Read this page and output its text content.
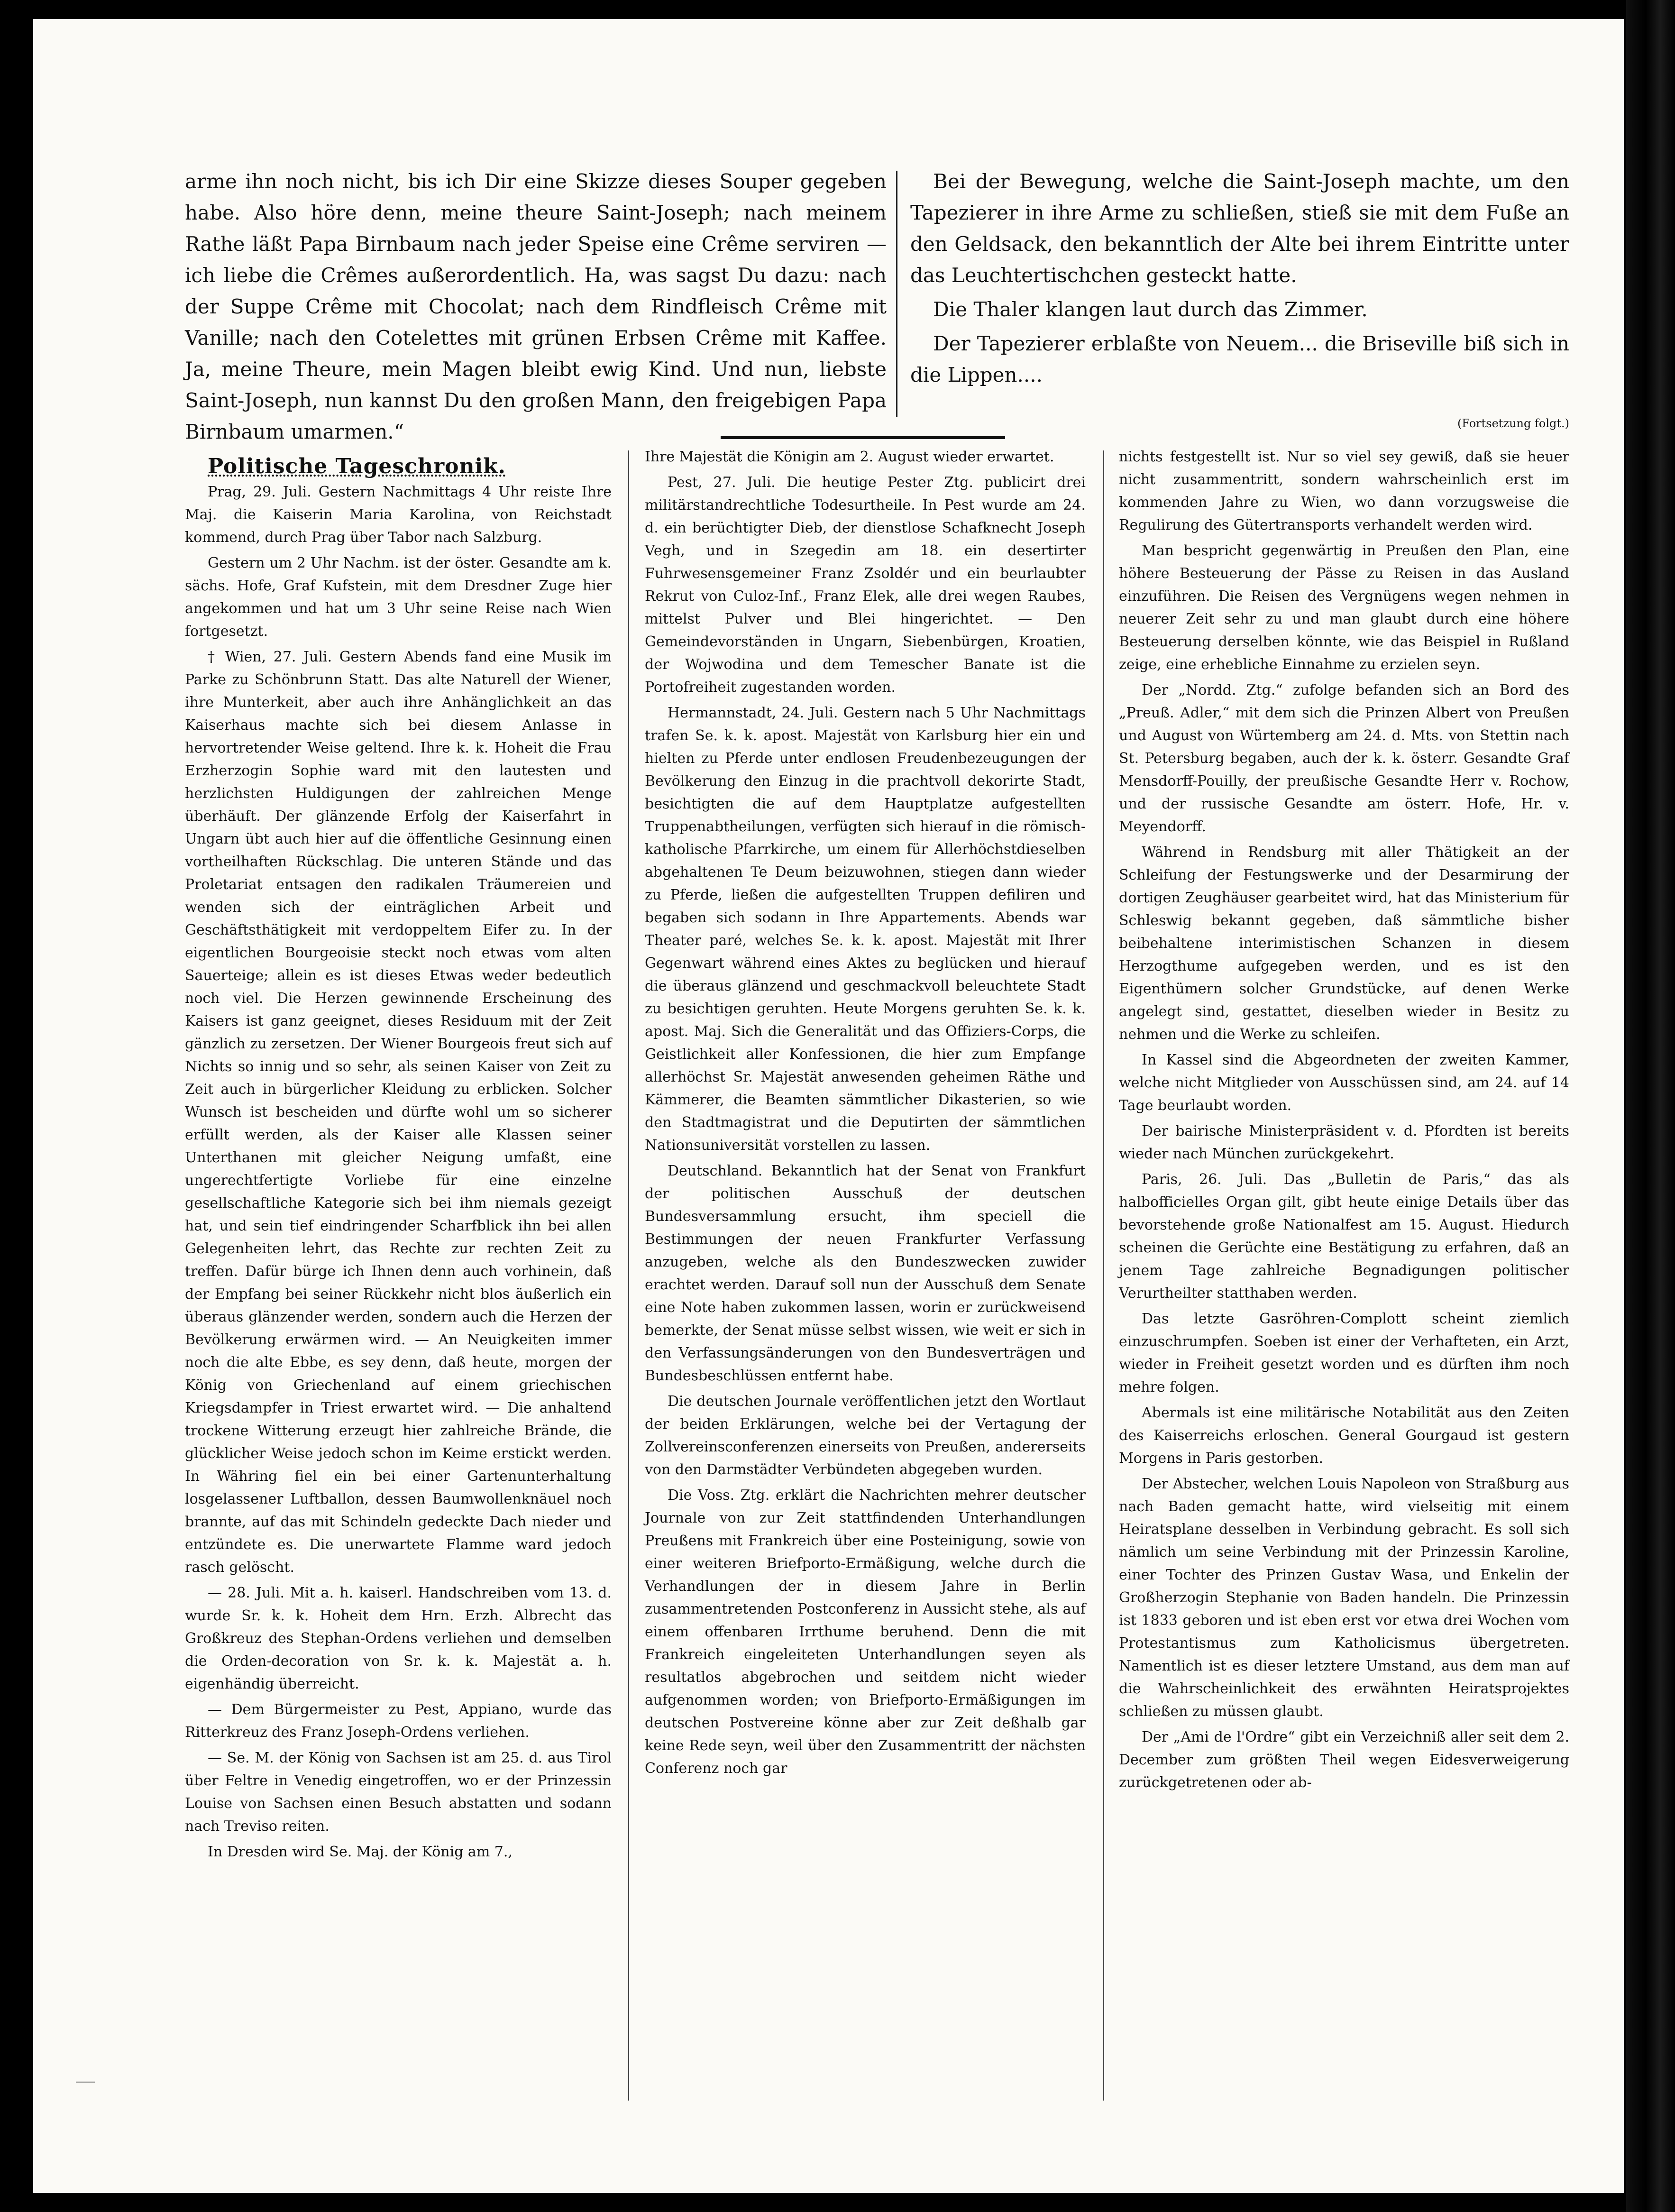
arme ihn noch nicht, bis ich Dir eine Skizze dieses Souper gegeben habe. Also höre denn, meine theure Saint-Joseph; nach meinem Rathe läßt Papa Birnbaum nach jeder Speise eine Crême serviren — ich liebe die Crêmes außerordentlich. Ha, was sagst Du dazu: nach der Suppe Crême mit Chocolat; nach dem Rindfleisch Crême mit Vanille; nach den Cotelettes mit grünen Erbsen Crême mit Kaffee. Ja, meine Theure, mein Magen bleibt ewig Kind. Und nun, liebste Saint-Joseph, nun kannst Du den großen Mann, den freigebigen Papa Birnbaum umarmen.“

Bei der Bewegung, welche die Saint-Joseph machte, um den Tapezierer in ihre Arme zu schließen, stieß sie mit dem Fuße an den Geldsack, den bekanntlich der Alte bei ihrem Eintritte unter das Leuchtertischchen gesteckt hatte.

Die Thaler klangen laut durch das Zimmer.

Der Tapezierer erblaßte von Neuem... die Briseville biß sich in die Lippen....

(Fortsetzung folgt.)

Politische Tageschronik.

Prag, 29. Juli. Gestern Nachmittags 4 Uhr reiste Ihre Maj. die Kaiserin Maria Karolina, von Reichstadt kommend, durch Prag über Tabor nach Salzburg.

Gestern um 2 Uhr Nachm. ist der öster. Gesandte am k. sächs. Hofe, Graf Kufstein, mit dem Dresdner Zuge hier angekommen und hat um 3 Uhr seine Reise nach Wien fortgesetzt.

† Wien, 27. Juli. Gestern Abends fand eine Musik im Parke zu Schönbrunn Statt. Das alte Naturell der Wiener, ihre Munterkeit, aber auch ihre Anhänglichkeit an das Kaiserhaus machte sich bei diesem Anlasse in hervortretender Weise geltend. Ihre k. k. Hoheit die Frau Erzherzogin Sophie ward mit den lautesten und herzlichsten Huldigungen der zahlreichen Menge überhäuft. Der glänzende Erfolg der Kaiserfahrt in Ungarn übt auch hier auf die öffentliche Gesinnung einen vortheilhaften Rückschlag. Die unteren Stände und das Proletariat entsagen den radikalen Träumereien und wenden sich der einträglichen Arbeit und Geschäftsthätigkeit mit verdoppeltem Eifer zu. In der eigentlichen Bourgeoisie steckt noch etwas vom alten Sauerteige; allein es ist dieses Etwas weder bedeutlich noch viel. Die Herzen gewinnende Erscheinung des Kaisers ist ganz geeignet, dieses Residuum mit der Zeit gänzlich zu zersetzen. Der Wiener Bourgeois freut sich auf Nichts so innig und so sehr, als seinen Kaiser von Zeit zu Zeit auch in bürgerlicher Kleidung zu erblicken. Solcher Wunsch ist bescheiden und dürfte wohl um so sicherer erfüllt werden, als der Kaiser alle Klassen seiner Unterthanen mit gleicher Neigung umfaßt, eine ungerechtfertigte Vorliebe für eine einzelne gesellschaftliche Kategorie sich bei ihm niemals gezeigt hat, und sein tief eindringender Scharfblick ihn bei allen Gelegenheiten lehrt, das Rechte zur rechten Zeit zu treffen. Dafür bürge ich Ihnen denn auch vorhinein, daß der Empfang bei seiner Rückkehr nicht blos äußerlich ein überaus glänzender werden, sondern auch die Herzen der Bevölkerung erwärmen wird. — An Neuigkeiten immer noch die alte Ebbe, es sey denn, daß heute, morgen der König von Griechenland auf einem griechischen Kriegsdampfer in Triest erwartet wird. — Die anhaltend trockene Witterung erzeugt hier zahlreiche Brände, die glücklicher Weise jedoch schon im Keime erstickt werden. In Währing fiel ein bei einer Gartenunterhaltung losgelassener Luftballon, dessen Baumwollenknäuel noch brannte, auf das mit Schindeln gedeckte Dach nieder und entzündete es. Die unerwartete Flamme ward jedoch rasch gelöscht.

— 28. Juli. Mit a. h. kaiserl. Handschreiben vom 13. d. wurde Sr. k. k. Hoheit dem Hrn. Erzh. Albrecht das Großkreuz des Stephan-Ordens verliehen und demselben die Orden-decoration von Sr. k. k. Majestät a. h. eigenhändig überreicht.

— Dem Bürgermeister zu Pest, Appiano, wurde das Ritterkreuz des Franz Joseph-Ordens verliehen.

— Se. M. der König von Sachsen ist am 25. d. aus Tirol über Feltre in Venedig eingetroffen, wo er der Prinzessin Louise von Sachsen einen Besuch abstatten und sodann nach Treviso reiten.

In Dresden wird Se. Maj. der König am 7.,

Ihre Majestät die Königin am 2. August wieder erwartet.

Pest, 27. Juli. Die heutige Pester Ztg. publicirt drei militärstandrechtliche Todesurtheile. In Pest wurde am 24. d. ein berüchtigter Dieb, der dienstlose Schafknecht Joseph Vegh, und in Szegedin am 18. ein desertirter Fuhrwesensgemeiner Franz Zsoldér und ein beurlaubter Rekrut von Culoz-Inf., Franz Elek, alle drei wegen Raubes, mittelst Pulver und Blei hingerichtet. — Den Gemeindevorständen in Ungarn, Siebenbürgen, Kroatien, der Wojwodina und dem Temescher Banate ist die Portofreiheit zugestanden worden.

Hermannstadt, 24. Juli. Gestern nach 5 Uhr Nachmittags trafen Se. k. k. apost. Majestät von Karlsburg hier ein und hielten zu Pferde unter endlosen Freudenbezeugungen der Bevölkerung den Einzug in die prachtvoll dekorirte Stadt, besichtigten die auf dem Hauptplatze aufgestellten Truppenabtheilungen, verfügten sich hierauf in die römisch-katholische Pfarrkirche, um einem für Allerhöchstdieselben abgehaltenen Te Deum beizuwohnen, stiegen dann wieder zu Pferde, ließen die aufgestellten Truppen defiliren und begaben sich sodann in Ihre Appartements. Abends war Theater paré, welches Se. k. k. apost. Majestät mit Ihrer Gegenwart während eines Aktes zu beglücken und hierauf die überaus glänzend und geschmackvoll beleuchtete Stadt zu besichtigen geruhten. Heute Morgens geruhten Se. k. k. apost. Maj. Sich die Generalität und das Offiziers-Corps, die Geistlichkeit aller Konfessionen, die hier zum Empfange allerhöchst Sr. Majestät anwesenden geheimen Räthe und Kämmerer, die Beamten sämmtlicher Dikasterien, so wie den Stadtmagistrat und die Deputirten der sämmtlichen Nationsuniversität vorstellen zu lassen.

Deutschland. Bekanntlich hat der Senat von Frankfurt der politischen Ausschuß der deutschen Bundesversammlung ersucht, ihm speciell die Bestimmungen der neuen Frankfurter Verfassung anzugeben, welche als den Bundeszwecken zuwider erachtet werden. Darauf soll nun der Ausschuß dem Senate eine Note haben zukommen lassen, worin er zurückweisend bemerkte, der Senat müsse selbst wissen, wie weit er sich in den Verfassungsänderungen von den Bundesverträgen und Bundesbeschlüssen entfernt habe.

Die deutschen Journale veröffentlichen jetzt den Wortlaut der beiden Erklärungen, welche bei der Vertagung der Zollvereinsconferenzen einerseits von Preußen, andererseits von den Darmstädter Verbündeten abgegeben wurden.

Die Voss. Ztg. erklärt die Nachrichten mehrer deutscher Journale von zur Zeit stattfindenden Unterhandlungen Preußens mit Frankreich über eine Posteinigung, sowie von einer weiteren Briefporto-Ermäßigung, welche durch die Verhandlungen der in diesem Jahre in Berlin zusammentretenden Postconferenz in Aussicht stehe, als auf einem offenbaren Irrthume beruhend. Denn die mit Frankreich eingeleiteten Unterhandlungen seyen als resultatlos abgebrochen und seitdem nicht wieder aufgenommen worden; von Briefporto-Ermäßigungen im deutschen Postvereine könne aber zur Zeit deßhalb gar keine Rede seyn, weil über den Zusammentritt der nächsten Conferenz noch gar

nichts festgestellt ist. Nur so viel sey gewiß, daß sie heuer nicht zusammentritt, sondern wahrscheinlich erst im kommenden Jahre zu Wien, wo dann vorzugsweise die Regulirung des Gütertransports verhandelt werden wird.

Man bespricht gegenwärtig in Preußen den Plan, eine höhere Besteuerung der Pässe zu Reisen in das Ausland einzuführen. Die Reisen des Vergnügens wegen nehmen in neuerer Zeit sehr zu und man glaubt durch eine höhere Besteuerung derselben könnte, wie das Beispiel in Rußland zeige, eine erhebliche Einnahme zu erzielen seyn.

Der „Nordd. Ztg.“ zufolge befanden sich an Bord des „Preuß. Adler,“ mit dem sich die Prinzen Albert von Preußen und August von Würtemberg am 24. d. Mts. von Stettin nach St. Petersburg begaben, auch der k. k. österr. Gesandte Graf Mensdorff-Pouilly, der preußische Gesandte Herr v. Rochow, und der russische Gesandte am österr. Hofe, Hr. v. Meyendorff.

Während in Rendsburg mit aller Thätigkeit an der Schleifung der Festungswerke und der Desarmirung der dortigen Zeughäuser gearbeitet wird, hat das Ministerium für Schleswig bekannt gegeben, daß sämmtliche bisher beibehaltene interimistischen Schanzen in diesem Herzogthume aufgegeben werden, und es ist den Eigenthümern solcher Grundstücke, auf denen Werke angelegt sind, gestattet, dieselben wieder in Besitz zu nehmen und die Werke zu schleifen.

In Kassel sind die Abgeordneten der zweiten Kammer, welche nicht Mitglieder von Ausschüssen sind, am 24. auf 14 Tage beurlaubt worden.

Der bairische Ministerpräsident v. d. Pfordten ist bereits wieder nach München zurückgekehrt.

Paris, 26. Juli. Das „Bulletin de Paris,“ das als halbofficielles Organ gilt, gibt heute einige Details über das bevorstehende große Nationalfest am 15. August. Hiedurch scheinen die Gerüchte eine Bestätigung zu erfahren, daß an jenem Tage zahlreiche Begnadigungen politischer Verurtheilter statthaben werden.

Das letzte Gasröhren-Complott scheint ziemlich einzuschrumpfen. Soeben ist einer der Verhafteten, ein Arzt, wieder in Freiheit gesetzt worden und es dürften ihm noch mehre folgen.

Abermals ist eine militärische Notabilität aus den Zeiten des Kaiserreichs erloschen. General Gourgaud ist gestern Morgens in Paris gestorben.

Der Abstecher, welchen Louis Napoleon von Straßburg aus nach Baden gemacht hatte, wird vielseitig mit einem Heiratsplane desselben in Verbindung gebracht. Es soll sich nämlich um seine Verbindung mit der Prinzessin Karoline, einer Tochter des Prinzen Gustav Wasa, und Enkelin der Großherzogin Stephanie von Baden handeln. Die Prinzessin ist 1833 geboren und ist eben erst vor etwa drei Wochen vom Protestantismus zum Katholicismus übergetreten. Namentlich ist es dieser letztere Umstand, aus dem man auf die Wahrscheinlichkeit des erwähnten Heiratsprojektes schließen zu müssen glaubt.

Der „Ami de l'Ordre“ gibt ein Verzeichniß aller seit dem 2. December zum größten Theil wegen Eidesverweigerung zurückgetretenen oder ab-
